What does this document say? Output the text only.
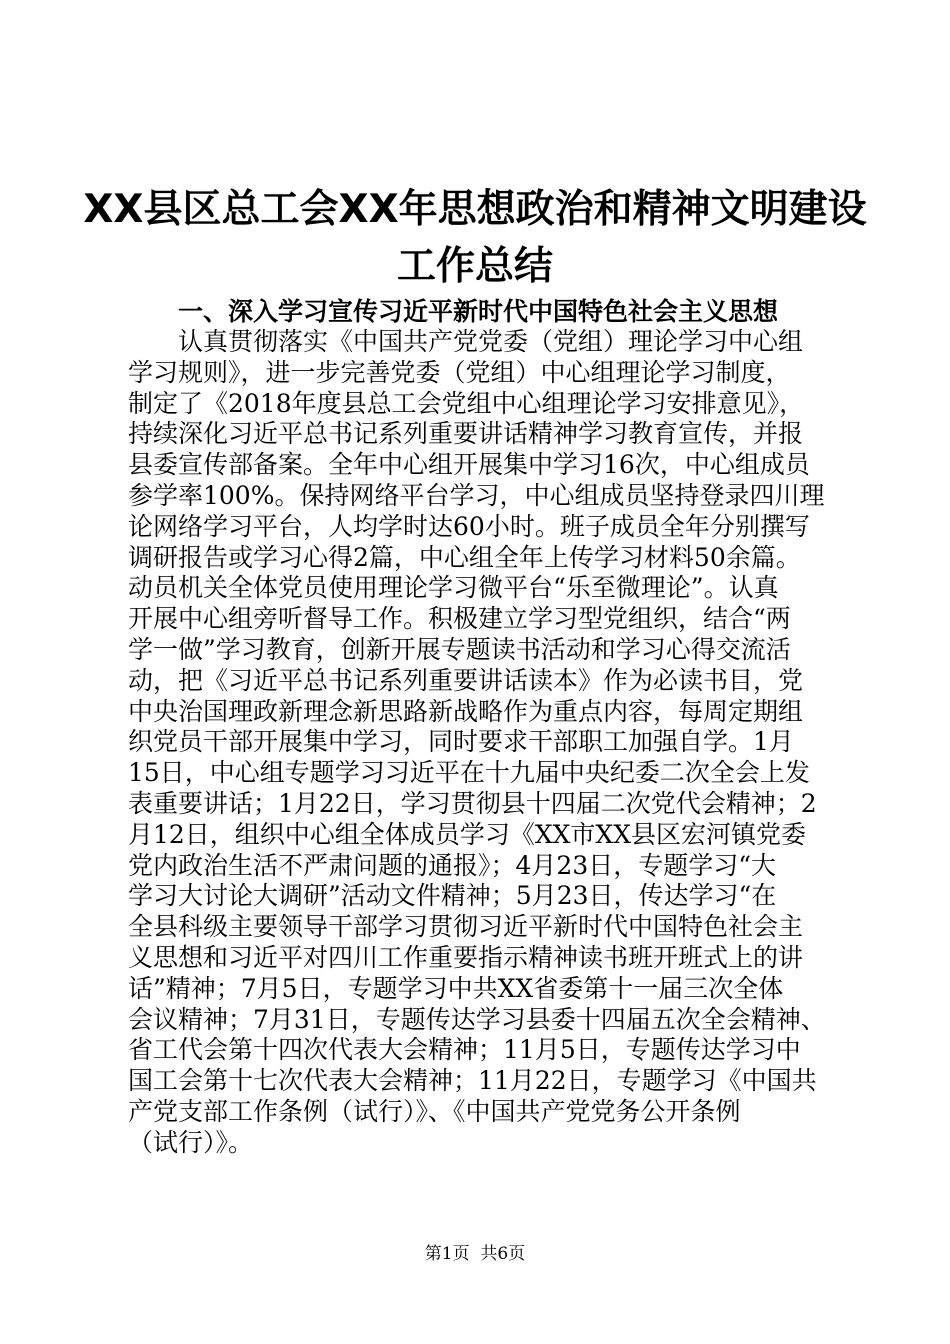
XX县区总工会XX年思想政治和精神文明建设
工作总结
一、深入学习宣传习近平新时代中国特色社会主义思想
认真贯彻落实《中国共产党党委（党组）理论学习中心组
学习规则》，进一步完善党委（党组）中心组理论学习制度，
制定了《2018年度县总工会党组中心组理论学习安排意见》，
持续深化习近平总书记系列重要讲话精神学习教育宣传，并报
县委宣传部备案。全年中心组开展集中学习16次，中心组成员
参学率100%。保持网络平台学习，中心组成员坚持登录四川理
论网络学习平台，人均学时达60小时。班子成员全年分别撰写
调研报告或学习心得2篇，中心组全年上传学习材料50余篇。
动员机关全体党员使用理论学习微平台“乐至微理论”。认真
开展中心组旁听督导工作。积极建立学习型党组织，结合“两
学一做”学习教育，创新开展专题读书活动和学习心得交流活
动，把《习近平总书记系列重要讲话读本》作为必读书目，党
中央治国理政新理念新思路新战略作为重点内容，每周定期组
织党员干部开展集中学习，同时要求干部职工加强自学。1月
15日，中心组专题学习习近平在十九届中央纪委二次全会上发
表重要讲话；1月22日，学习贯彻县十四届二次党代会精神；2
月12日，组织中心组全体成员学习《XX市XX县区宏河镇党委
党内政治生活不严肃问题的通报》；4月23日，专题学习“大
学习大讨论大调研”活动文件精神；5月23日，传达学习“在
全县科级主要领导干部学习贯彻习近平新时代中国特色社会主
义思想和习近平对四川工作重要指示精神读书班开班式上的讲
话”精神；7月5日，专题学习中共XX省委第十一届三次全体
会议精神；7月31日，专题传达学习县委十四届五次全会精神、
省工代会第十四次代表大会精神；11月5日，专题传达学习中
国工会第十七次代表大会精神；11月22日，专题学习《中国共
产党支部工作条例（试行）》、《中国共产党党务公开条例
（试行）》。
第1页 共6页
